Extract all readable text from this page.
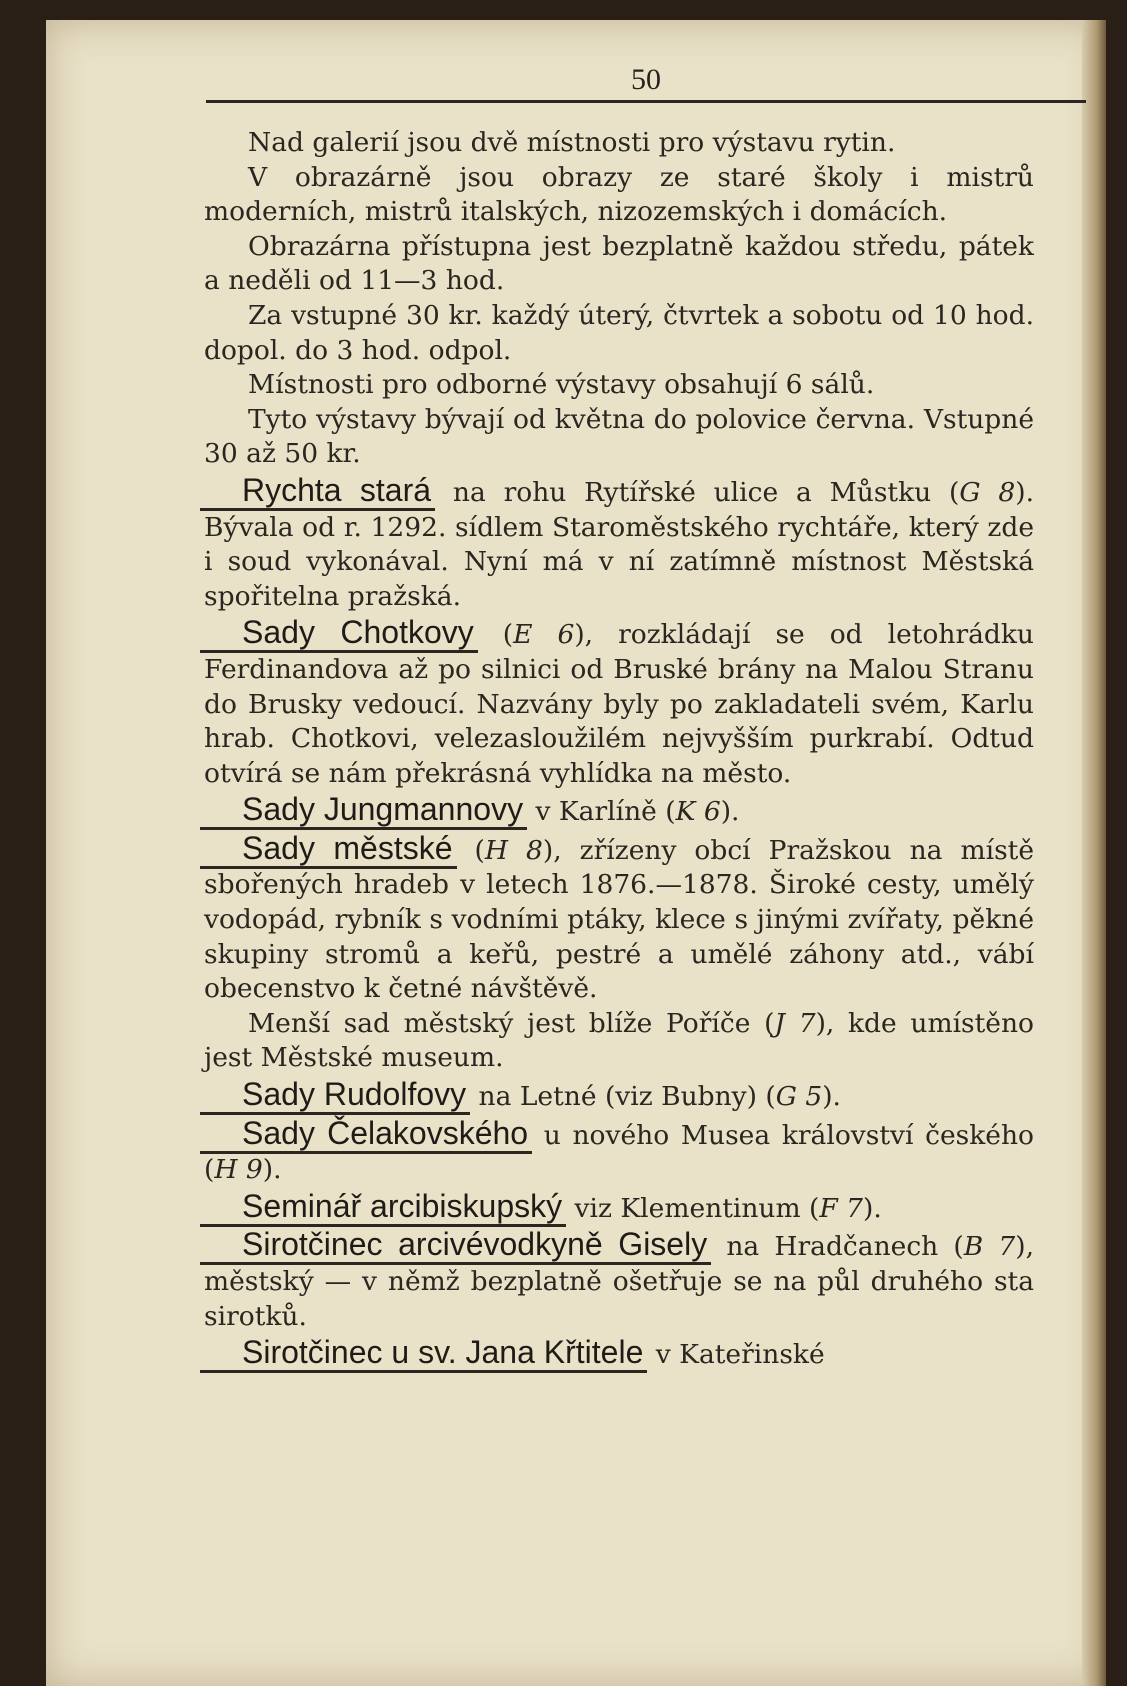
50

Nad galerií jsou dvě místnosti pro výstavu rytin.

V obrazárně jsou obrazy ze staré školy i mistrů moderních, mistrů italských, nizozemských i domácích.

Obrazárna přístupna jest bezplatně každou středu, pátek a neděli od 11—3 hod.

Za vstupné 30 kr. každý úterý, čtvrtek a sobotu od 10 hod. dopol. do 3 hod. odpol.

Místnosti pro odborné výstavy obsahují 6 sálů.

Tyto výstavy bývají od května do polovice června. Vstupné 30 až 50 kr.

Rychta stará na rohu Rytířské ulice a Můstku (G 8). Bývala od r. 1292. sídlem Staroměstského rychtáře, který zde i soud vykonával. Nyní má v ní zatímně místnost Městská spořitelna pražská.

Sady Chotkovy (E 6), rozkládají se od letohrádku Ferdinandova až po silnici od Bruské brány na Malou Stranu do Brusky vedoucí. Nazvány byly po zakladateli svém, Karlu hrab. Chotkovi, velezasloužilém nejvyšším purkrabí. Odtud otvírá se nám překrásná vyhlídka na město.

Sady Jungmannovy v Karlíně (K 6).

Sady městské (H 8), zřízeny obcí Pražskou na místě sbořených hradeb v letech 1876.—1878. Široké cesty, umělý vodopád, rybník s vodními ptáky, klece s jinými zvířaty, pěkné skupiny stromů a keřů, pestré a umělé záhony atd., vábí obecenstvo k četné návštěvě.

Menší sad městský jest blíže Poříče (J 7), kde umístěno jest Městské museum.

Sady Rudolfovy na Letné (viz Bubny) (G 5).

Sady Čelakovského u nového Musea království českého (H 9).

Seminář arcibiskupský viz Klementinum (F 7).

Sirotčinec arcivévodkyně Gisely na Hradčanech (B 7), městský — v němž bezplatně ošetřuje se na půl druhého sta sirotků.

Sirotčinec u sv. Jana Křtitele v Kateřinské
